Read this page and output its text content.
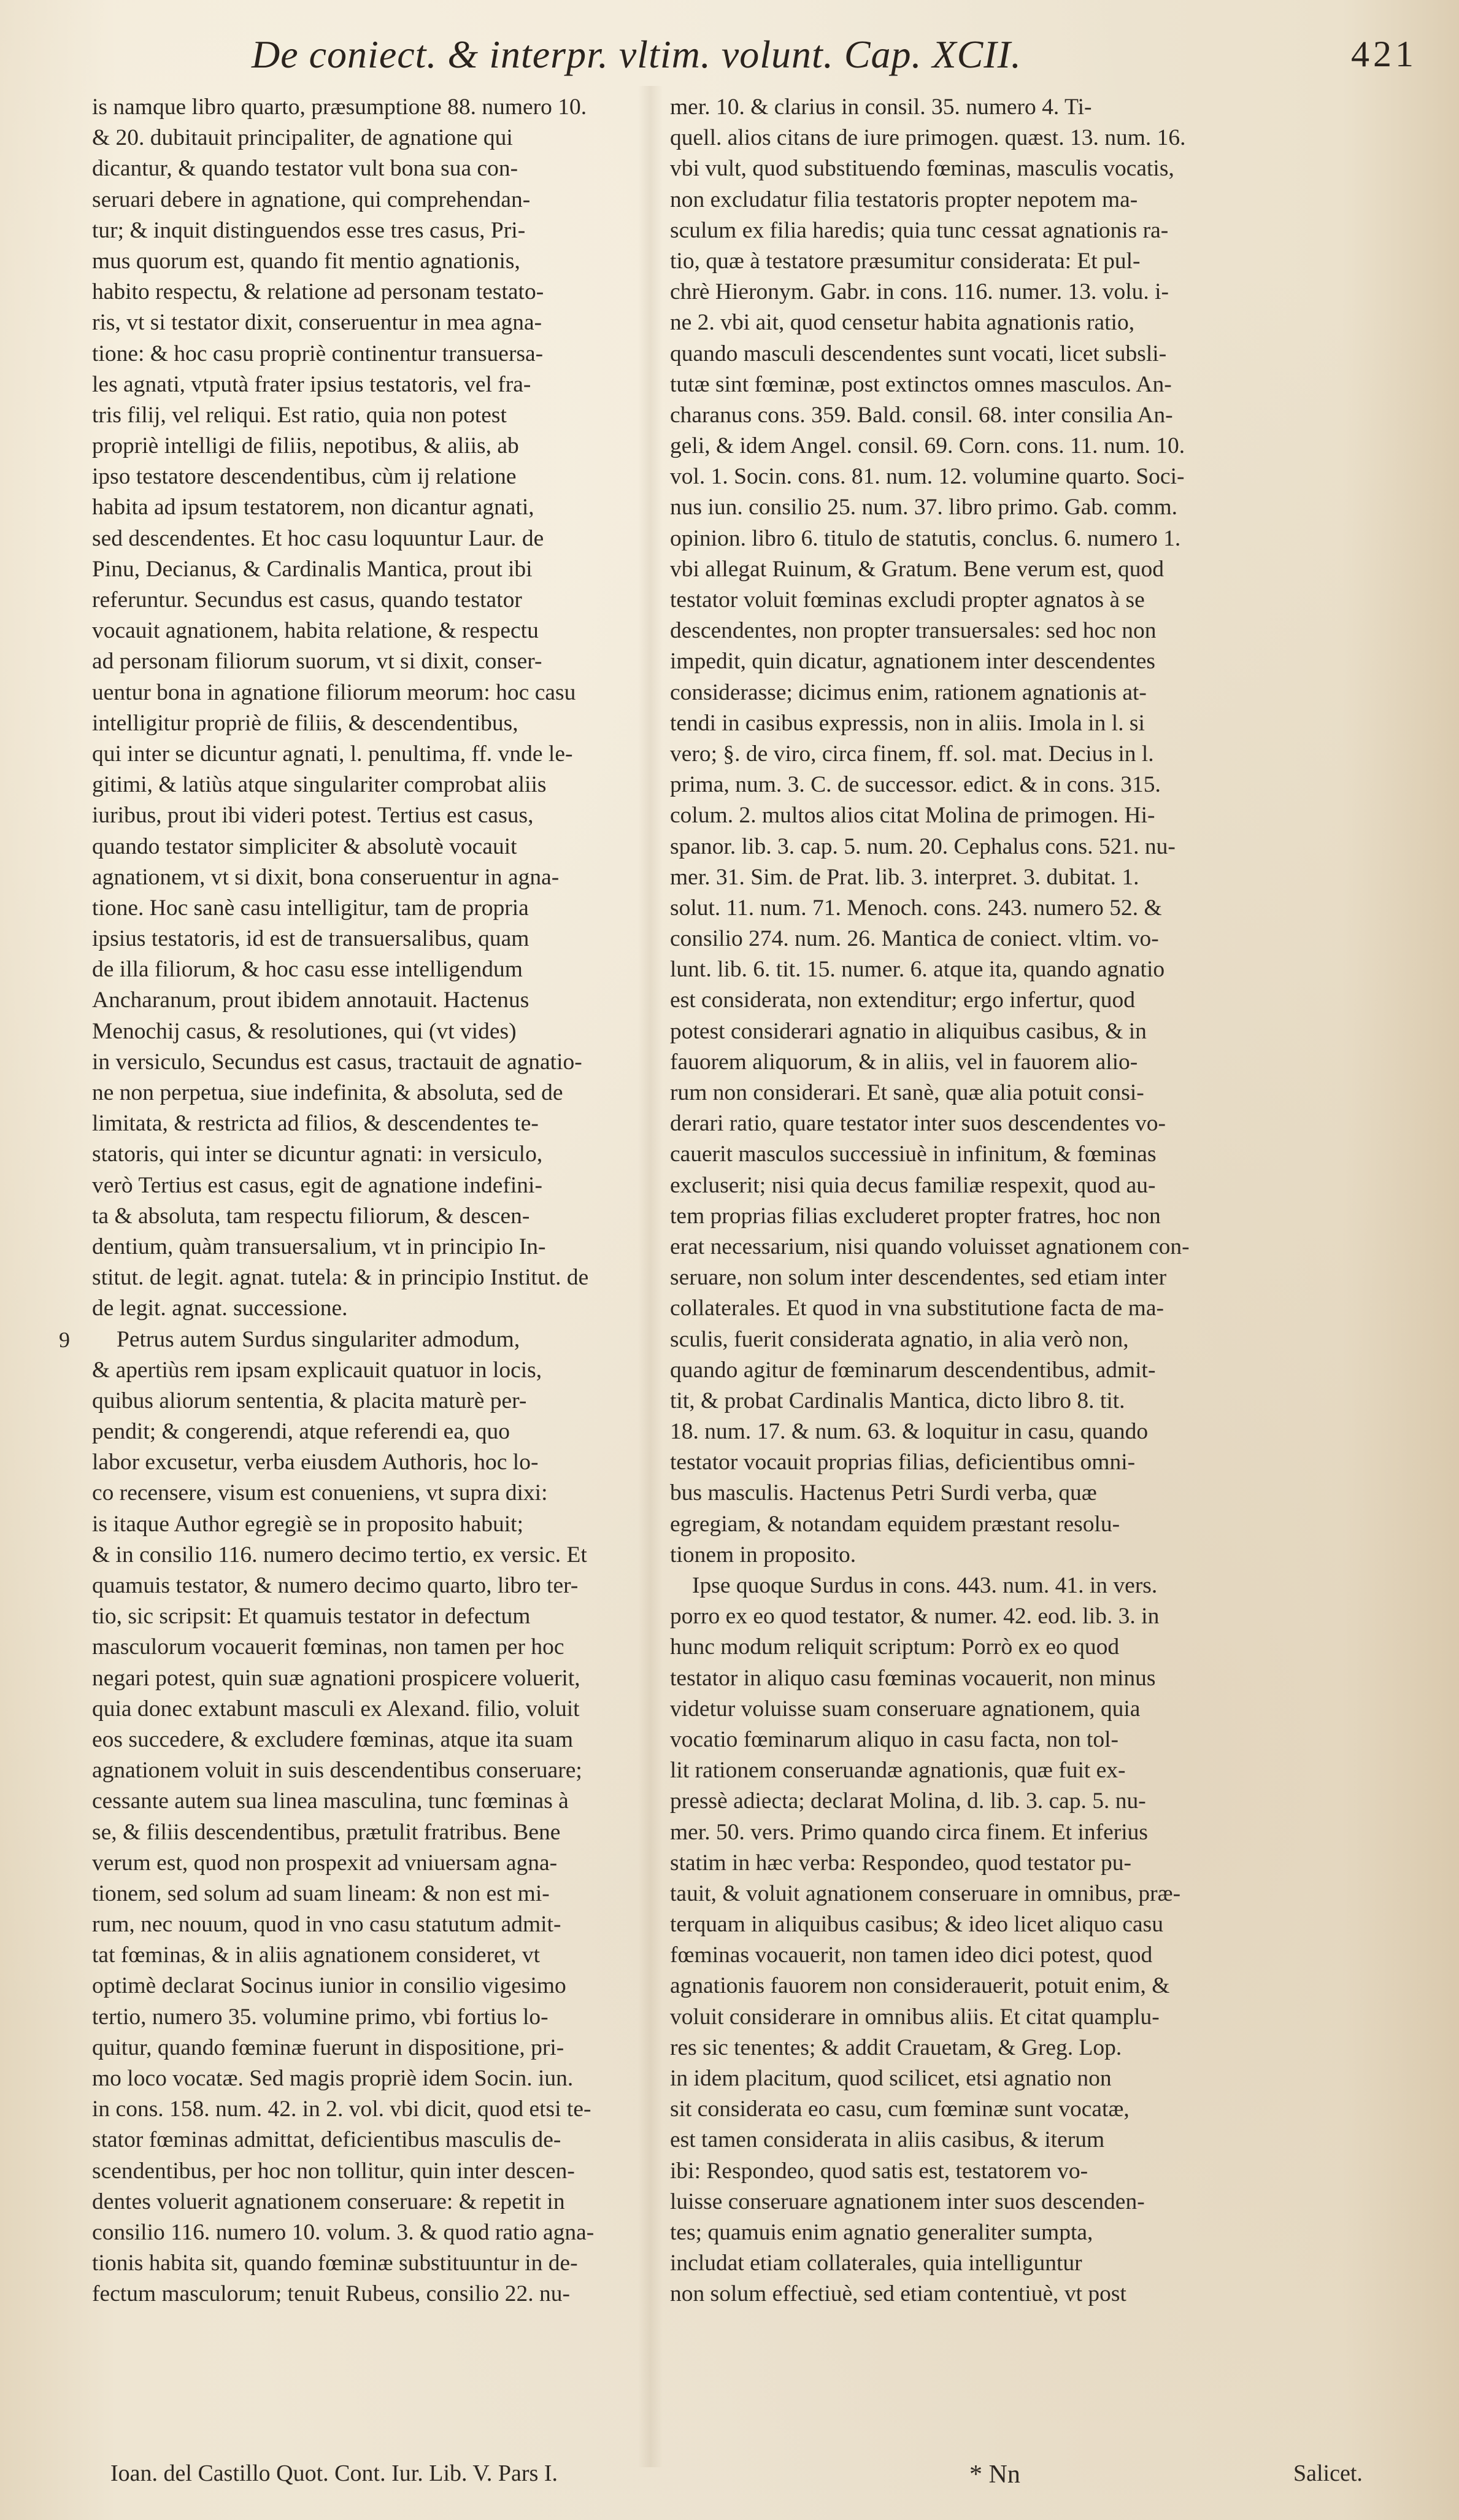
De coniect. & interpr. vltim. volunt. Cap. XCII.	421
is namque libro quarto, præsumptione 88. numero 10.
& 20. dubitauit principaliter, de agnatione qui
dicantur, & quando testator vult bona sua con-
seruari debere in agnatione, qui comprehendan-
tur; & inquit distinguendos esse tres casus, Pri-
mus quorum est, quando fit mentio agnationis,
habito respectu, & relatione ad personam testato-
ris, vt si testator dixit, conseruentur in mea agna-
tione: & hoc casu propriè continentur transuersa-
les agnati, vtputà frater ipsius testatoris, vel fra-
tris filij, vel reliqui. Est ratio, quia non potest
propriè intelligi de filiis, nepotibus, & aliis, ab
ipso testatore descendentibus, cùm ij relatione
habita ad ipsum testatorem, non dicantur agnati,
sed descendentes. Et hoc casu loquuntur Laur. de
Pinu, Decianus, & Cardinalis Mantica, prout ibi
referuntur. Secundus est casus, quando testator
vocauit agnationem, habita relatione, & respectu
ad personam filiorum suorum, vt si dixit, conser-
uentur bona in agnatione filiorum meorum: hoc casu
intelligitur propriè de filiis, & descendentibus,
qui inter se dicuntur agnati, l. penultima, ff. vnde le-
gitimi, & latiùs atque singulariter comprobat aliis
iuribus, prout ibi videri potest. Tertius est casus,
quando testator simpliciter & absolutè vocauit
agnationem, vt si dixit, bona conseruentur in agna-
tione. Hoc sanè casu intelligitur, tam de propria
ipsius testatoris, id est de transuersalibus, quam
de illa filiorum, & hoc casu esse intelligendum
Ancharanum, prout ibidem annotauit. Hactenus
Menochij casus, & resolutiones, qui (vt vides)
in versiculo, Secundus est casus, tractauit de agnatio-
ne non perpetua, siue indefinita, & absoluta, sed de
limitata, & restricta ad filios, & descendentes te-
statoris, qui inter se dicuntur agnati: in versiculo,
verò Tertius est casus, egit de agnatione indefini-
ta & absoluta, tam respectu filiorum, & descen-
dentium, quàm transuersalium, vt in principio In-
stitut. de legit. agnat. tutela: & in principio Institut. de
de legit. agnat. successione.
Petrus autem Surdus singulariter admodum,
& apertiùs rem ipsam explicauit quatuor in locis,
quibus aliorum sententia, & placita maturè per-
pendit; & congerendi, atque referendi ea, quo
labor excusetur, verba eiusdem Authoris, hoc lo-
co recensere, visum est conueniens, vt supra dixi:
is itaque Author egregiè se in proposito habuit;
& in consilio 116. numero decimo tertio, ex versic. Et
quamuis testator, & numero decimo quarto, libro ter-
tio, sic scripsit: Et quamuis testator in defectum
masculorum vocauerit fœminas, non tamen per hoc
negari potest, quin suæ agnationi prospicere voluerit,
quia donec extabunt masculi ex Alexand. filio, voluit
eos succedere, & excludere fœminas, atque ita suam
agnationem voluit in suis descendentibus conseruare;
cessante autem sua linea masculina, tunc fœminas à
se, & filiis descendentibus, prætulit fratribus. Bene
verum est, quod non prospexit ad vniuersam agna-
tionem, sed solum ad suam lineam: & non est mi-
rum, nec nouum, quod in vno casu statutum admit-
tat fœminas, & in aliis agnationem consideret, vt
optimè declarat Socinus iunior in consilio vigesimo
tertio, numero 35. volumine primo, vbi fortius lo-
quitur, quando fœminæ fuerunt in dispositione, pri-
mo loco vocatæ. Sed magis propriè idem Socin. iun.
in cons. 158. num. 42. in 2. vol. vbi dicit, quod etsi te-
stator fœminas admittat, deficientibus masculis de-
scendentibus, per hoc non tollitur, quin inter descen-
dentes voluerit agnationem conseruare: & repetit in
consilio 116. numero 10. volum. 3. & quod ratio agna-
tionis habita sit, quando fœminæ substituuntur in de-
fectum masculorum; tenuit Rubeus, consilio 22. nu-
mer. 10. & clarius in consil. 35. numero 4. Ti-
quell. alios citans de iure primogen. quæst. 13. num. 16.
vbi vult, quod substituendo fœminas, masculis vocatis,
non excludatur filia testatoris propter nepotem ma-
sculum ex filia haredis; quia tunc cessat agnationis ra-
tio, quæ à testatore præsumitur considerata: Et pul-
chrè Hieronym. Gabr. in cons. 116. numer. 13. volu. i-
ne 2. vbi ait, quod censetur habita agnationis ratio,
quando masculi descendentes sunt vocati, licet subsli-
tutæ sint fœminæ, post extinctos omnes masculos. An-
charanus cons. 359. Bald. consil. 68. inter consilia An-
geli, & idem Angel. consil. 69. Corn. cons. 11. num. 10.
vol. 1. Socin. cons. 81. num. 12. volumine quarto. Soci-
nus iun. consilio 25. num. 37. libro primo. Gab. comm.
opinion. libro 6. titulo de statutis, conclus. 6. numero 1.
vbi allegat Ruinum, & Gratum. Bene verum est, quod
testator voluit fœminas excludi propter agnatos à se
descendentes, non propter transuersales: sed hoc non
impedit, quin dicatur, agnationem inter descendentes
considerasse; dicimus enim, rationem agnationis at-
tendi in casibus expressis, non in aliis. Imola in l. si
vero; §. de viro, circa finem, ff. sol. mat. Decius in l.
prima, num. 3. C. de successor. edict. & in cons. 315.
colum. 2. multos alios citat Molina de primogen. Hi-
spanor. lib. 3. cap. 5. num. 20. Cephalus cons. 521. nu-
mer. 31. Sim. de Prat. lib. 3. interpret. 3. dubitat. 1.
solut. 11. num. 71. Menoch. cons. 243. numero 52. &
consilio 274. num. 26. Mantica de coniect. vltim. vo-
lunt. lib. 6. tit. 15. numer. 6. atque ita, quando agnatio
est considerata, non extenditur; ergo infertur, quod
potest considerari agnatio in aliquibus casibus, & in
fauorem aliquorum, & in aliis, vel in fauorem alio-
rum non considerari. Et sanè, quæ alia potuit consi-
derari ratio, quare testator inter suos descendentes vo-
cauerit masculos successiuè in infinitum, & fœminas
excluserit; nisi quia decus familiæ respexit, quod au-
tem proprias filias excluderet propter fratres, hoc non
erat necessarium, nisi quando voluisset agnationem con-
seruare, non solum inter descendentes, sed etiam inter
collaterales. Et quod in vna substitutione facta de ma-
sculis, fuerit considerata agnatio, in alia verò non,
quando agitur de fœminarum descendentibus, admit-
tit, & probat Cardinalis Mantica, dicto libro 8. tit.
18. num. 17. & num. 63. & loquitur in casu, quando
testator vocauit proprias filias, deficientibus omni-
bus masculis. Hactenus Petri Surdi verba, quæ
egregiam, & notandam equidem præstant resolu-
tionem in proposito.
Ipse quoque Surdus in cons. 443. num. 41. in vers.
porro ex eo quod testator, & numer. 42. eod. lib. 3. in
hunc modum reliquit scriptum: Porrò ex eo quod
testator in aliquo casu fœminas vocauerit, non minus
videtur voluisse suam conseruare agnationem, quia
vocatio fœminarum aliquo in casu facta, non tol-
lit rationem conseruandæ agnationis, quæ fuit ex-
pressè adiecta; declarat Molina, d. lib. 3. cap. 5. nu-
mer. 50. vers. Primo quando circa finem. Et inferius
statim in hæc verba: Respondeo, quod testator pu-
tauit, & voluit agnationem conseruare in omnibus, præ-
terquam in aliquibus casibus; & ideo licet aliquo casu
fœminas vocauerit, non tamen ideo dici potest, quod
agnationis fauorem non considerauerit, potuit enim, &
voluit considerare in omnibus aliis. Et citat quamplu-
res sic tenentes; & addit Crauetam, & Greg. Lop.
in idem placitum, quod scilicet, etsi agnatio non
sit considerata eo casu, cum fœminæ sunt vocatæ,
est tamen considerata in aliis casibus, & iterum
ibi: Respondeo, quod satis est, testatorem vo-
luisse conseruare agnationem inter suos descenden-
tes; quamuis enim agnatio generaliter sumpta,
includat etiam collaterales, quia intelliguntur
non solum effectiuè, sed etiam contentiuè, vt post
9
Ioan. del Castillo Quot. Cont. Iur. Lib. V. Pars I.	* Nn	Salicet.
